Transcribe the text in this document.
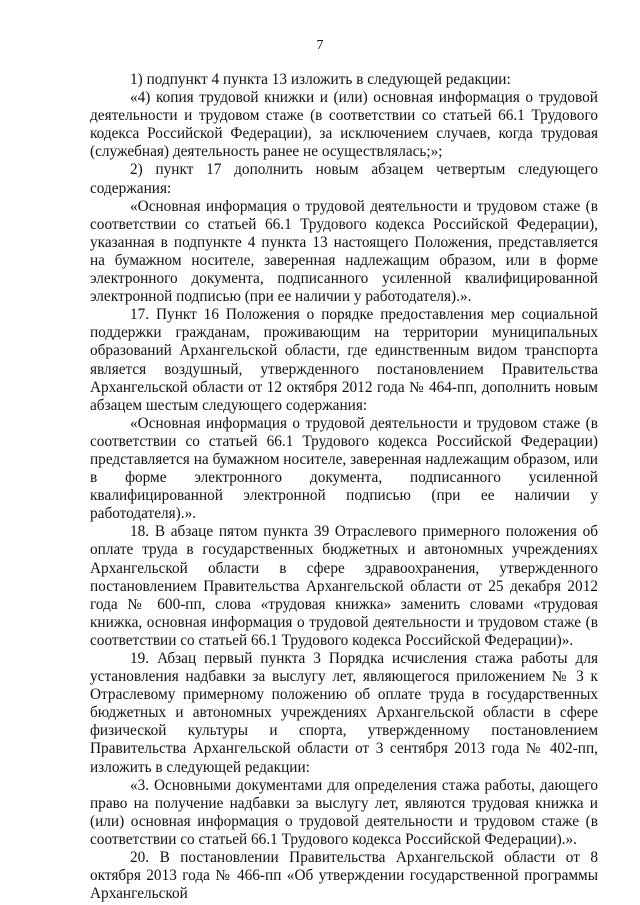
7

1) подпункт 4 пункта 13 изложить в следующей редакции:

«4) копия трудовой книжки и (или) основная информация о трудовой деятельности и трудовом стаже (в соответствии со статьей 66.1 Трудового кодекса Российской Федерации), за исключением случаев, когда трудовая (служебная) деятельность ранее не осуществлялась;»;

2) пункт 17 дополнить новым абзацем четвертым следующего содержания:

«Основная информация о трудовой деятельности и трудовом стаже (в соответствии со статьей 66.1 Трудового кодекса Российской Федерации), указанная в подпункте 4 пункта 13 настоящего Положения, представляется на бумажном носителе, заверенная надлежащим образом, или в форме электронного документа, подписанного усиленной квалифицированной электронной подписью (при ее наличии у работодателя).».

17. Пункт 16 Положения о порядке предоставления мер социальной поддержки гражданам, проживающим на территории муниципальных образований Архангельской области, где единственным видом транспорта является воздушный, утвержденного постановлением Правительства Архангельской области от 12 октября 2012 года № 464-пп, дополнить новым абзацем шестым следующего содержания:

«Основная информация о трудовой деятельности и трудовом стаже (в соответствии со статьей 66.1 Трудового кодекса Российской Федерации) представляется на бумажном носителе, заверенная надлежащим образом, или в форме электронного документа, подписанного усиленной квалифицированной электронной подписью (при ее наличии у работодателя).».

18. В абзаце пятом пункта 39 Отраслевого примерного положения об оплате труда в государственных бюджетных и автономных учреждениях Архангельской области в сфере здравоохранения, утвержденного постановлением Правительства Архангельской области от 25 декабря 2012 года № 600-пп, слова «трудовая книжка» заменить словами «трудовая книжка, основная информация о трудовой деятельности и трудовом стаже (в соответствии со статьей 66.1 Трудового кодекса Российской Федерации)».

19. Абзац первый пункта 3 Порядка исчисления стажа работы для установления надбавки за выслугу лет, являющегося приложением № 3 к Отраслевому примерному положению об оплате труда в государственных бюджетных и автономных учреждениях Архангельской области в сфере физической культуры и спорта, утвержденному постановлением Правительства Архангельской области от 3 сентября 2013 года № 402-пп, изложить в следующей редакции:

«3. Основными документами для определения стажа работы, дающего право на получение надбавки за выслугу лет, являются трудовая книжка и (или) основная информация о трудовой деятельности и трудовом стаже (в соответствии со статьей 66.1 Трудового кодекса Российской Федерации).».

20. В постановлении Правительства Архангельской области от 8 октября 2013 года № 466-пп «Об утверждении государственной программы Архангельской
